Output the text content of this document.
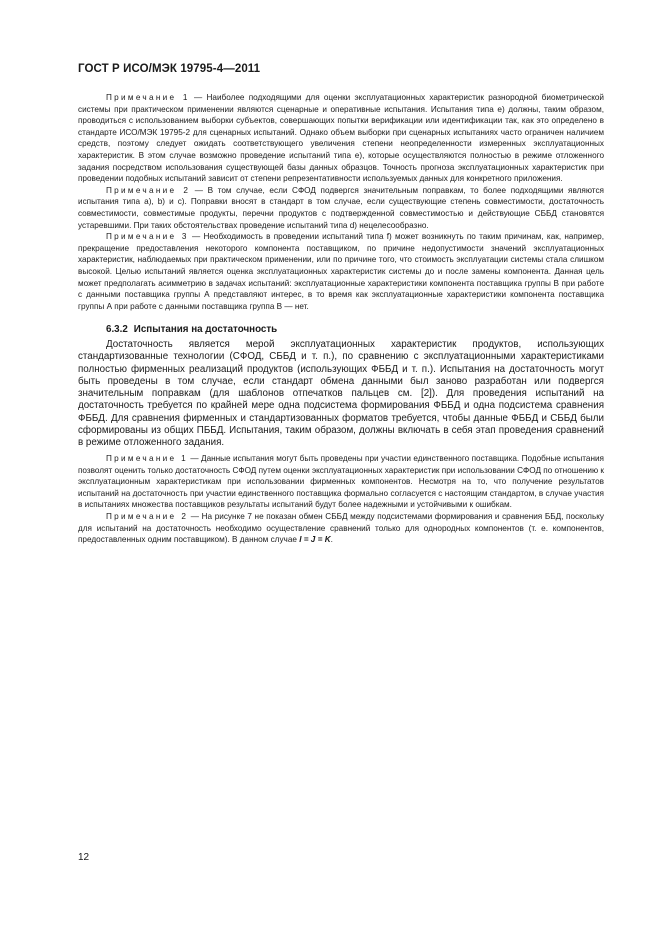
ГОСТ Р ИСО/МЭК 19795-4—2011

Примечание 1 — Наиболее подходящими для оценки эксплуатационных характеристик разнородной биометрической системы при практическом применении являются сценарные и оперативные испытания. Испытания типа е) должны, таким образом, проводиться с использованием выборки субъектов, совершающих попытки верификации или идентификации так, как это определено в стандарте ИСО/МЭК 19795-2 для сценарных испытаний. Однако объем выборки при сценарных испытаниях часто ограничен наличием средств, поэтому следует ожидать соответствующего увеличения степени неопределенности измеренных эксплуатационных характеристик. В этом случае возможно проведение испытаний типа е), которые осуществляются полностью в режиме отложенного задания посредством использования существующей базы данных образцов. Точность прогноза эксплуатационных характеристик при проведении подобных испытаний зависит от степени репрезентативности используемых данных для конкретного приложения.

Примечание 2 — В том случае, если СФОД подвергся значительным поправкам, то более подходящими являются испытания типа а), b) и с). Поправки вносят в стандарт в том случае, если существующие степень совместимости, достаточность совместимости, совместимые продукты, перечни продуктов с подтвержденной совместимостью и действующие СББД становятся устаревшими. При таких обстоятельствах проведение испытаний типа d) нецелесообразно.

Примечание 3 — Необходимость в проведении испытаний типа f) может возникнуть по таким причинам, как, например, прекращение предоставления некоторого компонента поставщиком, по причине недопустимости значений эксплуатационных характеристик, наблюдаемых при практическом применении, или по причине того, что стоимость эксплуатации системы стала слишком высокой. Целью испытаний является оценка эксплуатационных характеристик системы до и после замены компонента. Данная цель может предполагать асимметрию в задачах испытаний: эксплуатационные характеристики компонента поставщика группы В при работе с данными поставщика группы А представляют интерес, в то время как эксплуатационные характеристики компонента поставщика группы А при работе с данными поставщика группа В — нет.

6.3.2 Испытания на достаточность

Достаточность является мерой эксплуатационных характеристик продуктов, использующих стандартизованные технологии (СФОД, СББД и т. п.), по сравнению с эксплуатационными характеристиками полностью фирменных реализаций продуктов (использующих ФББД и т. п.). Испытания на достаточность могут быть проведены в том случае, если стандарт обмена данными был заново разработан или подвергся значительным поправкам (для шаблонов отпечатков пальцев см. [2]). Для проведения испытаний на достаточность требуется по крайней мере одна подсистема формирования ФББД и одна подсистема сравнения ФББД. Для сравнения фирменных и стандартизованных форматов требуется, чтобы данные ФББД и СББД были сформированы из общих ПББД. Испытания, таким образом, должны включать в себя этап проведения сравнений в режиме отложенного задания.

Примечание 1 — Данные испытания могут быть проведены при участии единственного поставщика. Подобные испытания позволят оценить только достаточность СФОД путем оценки эксплуатационных характеристик при использовании СФОД по отношению к эксплуатационным характеристикам при использовании фирменных компонентов. Несмотря на то, что получение результатов испытаний на достаточность при участии единственного поставщика формально согласуется с настоящим стандартом, в случае участия в испытаниях множества поставщиков результаты испытаний будут более надежными и устойчивыми к ошибкам.

Примечание 2 — На рисунке 7 не показан обмен СББД между подсистемами формирования и сравнения ББД, поскольку для испытаний на достаточность необходимо осуществление сравнений только для однородных компонентов (т. е. компонентов, предоставленных одним поставщиком). В данном случае I = J = K.

12
